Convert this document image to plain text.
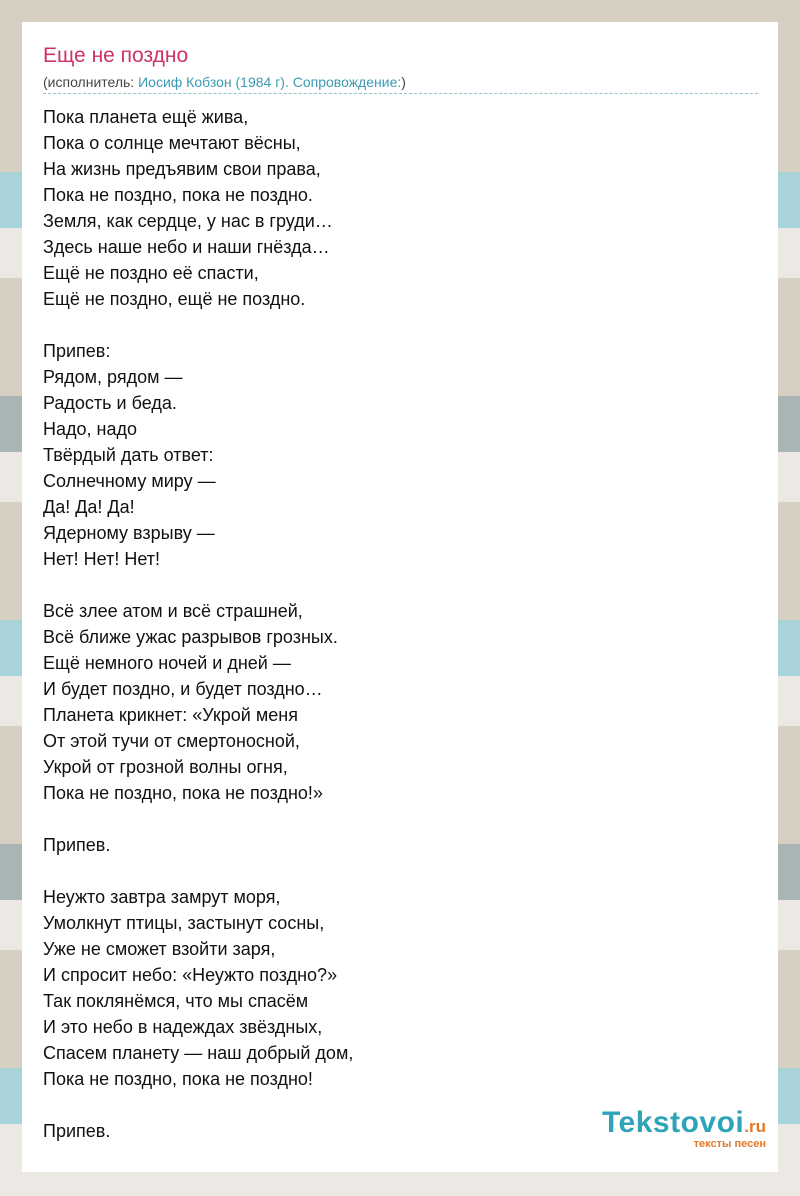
Еще не поздно
(исполнитель: Иосиф Кобзон (1984 г). Сопровождение:)
Пока планета ещё жива,
Пока о солнце мечтают вёсны,
На жизнь предъявим свои права,
Пока не поздно, пока не поздно.
Земля, как сердце, у нас в груди…
Здесь наше небо и наши гнёзда…
Ещё не поздно её спасти,
Ещё не поздно, ещё не поздно.
Припев:
Рядом, рядом —
Радость и беда.
Надо, надо
Твёрдый дать ответ:
Солнечному миру —
Да! Да! Да!
Ядерному взрыву —
Нет! Нет! Нет!
Всё злее атом и всё страшней,
Всё ближе ужас разрывов грозных.
Ещё немного ночей и дней —
И будет поздно, и будет поздно…
Планета крикнет: «Укрой меня
От этой тучи от смертоносной,
Укрой от грозной волны огня,
Пока не поздно, пока не поздно!»
Припев.
Неужто завтра замрут моря,
Умолкнут птицы, застынут сосны,
Уже не сможет взойти заря,
И спросит небо: «Неужто поздно?»
Так поклянёмся, что мы спасём
И это небо в надеждах звёздных,
Спасем планету — наш добрый дом,
Пока не поздно, пока не поздно!
Припев.	Tekstovoi.ru
тексты песен
